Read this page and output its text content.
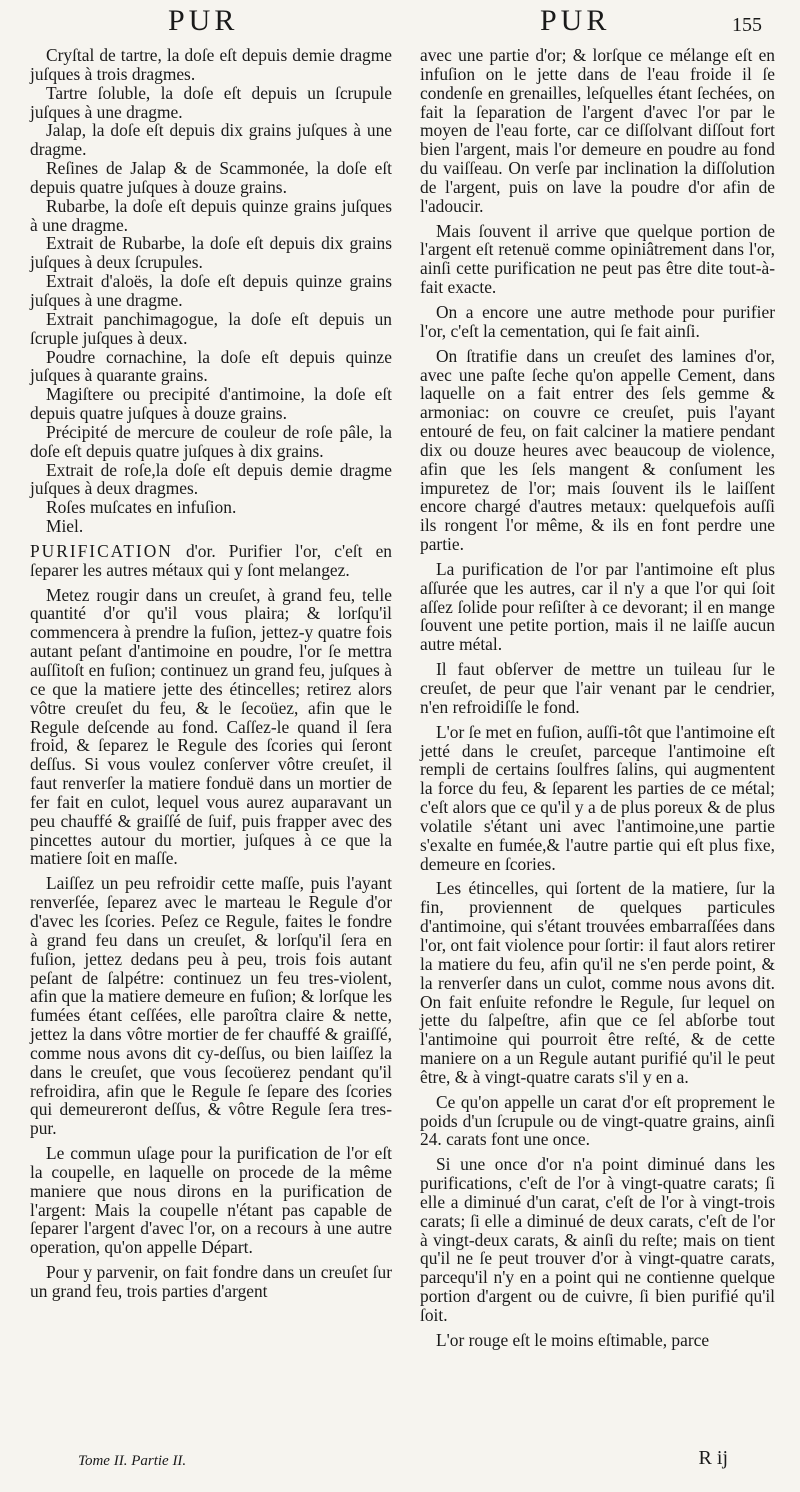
PUR	PUR	155

Cryſtal de tartre, la doſe eſt depuis demie dragme juſques à trois dragmes.

Tartre ſoluble, la doſe eſt depuis un ſcrupule juſques à une dragme.

Jalap, la doſe eſt depuis dix grains juſques à une dragme.

Reſines de Jalap & de Scammonée, la doſe eſt depuis quatre juſques à douze grains.

Rubarbe, la doſe eſt depuis quinze grains juſques à une dragme.

Extrait de Rubarbe, la doſe eſt depuis dix grains juſques à deux ſcrupules.

Extrait d'aloës, la doſe eſt depuis quinze grains juſques à une dragme.

Extrait panchimagogue, la doſe eſt depuis un ſcruple juſques à deux.

Poudre cornachine, la doſe eſt depuis quinze juſques à quarante grains.

Magiſtere ou precipité d'antimoine, la doſe eſt depuis quatre juſques à douze grains.

Précipité de mercure de couleur de roſe pâle, la doſe eſt depuis quatre juſques à dix grains.

Extrait de roſe,la doſe eſt depuis demie dragme juſques à deux dragmes.

Roſes muſcates en infuſion.

Miel.

PURIFICATION d'or. Purifier l'or, c'eſt en ſeparer les autres métaux qui y ſont melangez.

Metez rougir dans un creuſet, à grand feu, telle quantité d'or qu'il vous plaira; & lorſqu'il commencera à prendre la fuſion, jettez-y quatre fois autant peſant d'antimoine en poudre, l'or ſe mettra auſſitoſt en fuſion; continuez un grand feu, juſques à ce que la matiere jette des étincelles; retirez alors vôtre creuſet du feu, & le ſecoüez, afin que le Regule deſcende au fond. Caſſez-le quand il ſera froid, & ſeparez le Regule des ſcories qui ſeront deſſus. Si vous voulez conſerver vôtre creuſet, il faut renverſer la matiere fonduë dans un mortier de fer fait en culot, lequel vous aurez auparavant un peu chauffé & graiſſé de ſuif, puis frapper avec des pincettes autour du mortier, juſques à ce que la matiere ſoit en maſſe.

Laiſſez un peu refroidir cette maſſe, puis l'ayant renverſée, ſeparez avec le marteau le Regule d'or d'avec les ſcories. Peſez ce Regule, faites le fondre à grand feu dans un creuſet, & lorſqu'il ſera en fuſion, jettez dedans peu à peu, trois fois autant peſant de ſalpétre: continuez un feu tres-violent, afin que la matiere demeure en fuſion; & lorſque les fumées étant ceſſées, elle paroîtra claire & nette, jettez la dans vôtre mortier de fer chauffé & graiſſé, comme nous avons dit cy-deſſus, ou bien laiſſez la dans le creuſet, que vous ſecoüerez pendant qu'il refroidira, afin que le Regule ſe ſepare des ſcories qui demeureront deſſus, & vôtre Regule ſera tres-pur.

Le commun uſage pour la purification de l'or eſt la coupelle, en laquelle on procede de la même maniere que nous dirons en la purification de l'argent: Mais la coupelle n'étant pas capable de ſeparer l'argent d'avec l'or, on a recours à une autre operation, qu'on appelle Départ.

Pour y parvenir, on fait fondre dans un creuſet ſur un grand feu, trois parties d'argent

avec une partie d'or; & lorſque ce mélange eſt en infuſion on le jette dans de l'eau froide il ſe condenſe en grenailles, leſquelles étant ſechées, on fait la ſeparation de l'argent d'avec l'or par le moyen de l'eau forte, car ce diſſolvant diſſout fort bien l'argent, mais l'or demeure en poudre au fond du vaiſſeau. On verſe par inclination la diſſolution de l'argent, puis on lave la poudre d'or afin de l'adoucir.

Mais ſouvent il arrive que quelque portion de l'argent eſt retenuë comme opiniâtrement dans l'or, ainſi cette purification ne peut pas être dite tout-à-fait exacte.

On a encore une autre methode pour purifier l'or, c'eſt la cementation, qui ſe fait ainſi.

On ſtratifie dans un creuſet des lamines d'or, avec une paſte ſeche qu'on appelle Cement, dans laquelle on a fait entrer des ſels gemme & armoniac: on couvre ce creuſet, puis l'ayant entouré de feu, on fait calciner la matiere pendant dix ou douze heures avec beaucoup de violence, afin que les ſels mangent & conſument les impuretez de l'or; mais ſouvent ils le laiſſent encore chargé d'autres metaux: quelquefois auſſi ils rongent l'or même, & ils en font perdre une partie.

La purification de l'or par l'antimoine eſt plus aſſurée que les autres, car il n'y a que l'or qui ſoit aſſez ſolide pour reſiſter à ce devorant; il en mange ſouvent une petite portion, mais il ne laiſſe aucun autre métal.

Il faut obſerver de mettre un tuileau ſur le creuſet, de peur que l'air venant par le cendrier, n'en refroidiſſe le fond.

L'or ſe met en fuſion, auſſi-tôt que l'antimoine eſt jetté dans le creuſet, parceque l'antimoine eſt rempli de certains ſoulfres ſalins, qui augmentent la force du feu, & ſeparent les parties de ce métal; c'eſt alors que ce qu'il y a de plus poreux & de plus volatile s'étant uni avec l'antimoine,une partie s'exalte en fumée,& l'autre partie qui eſt plus fixe, demeure en ſcories.

Les étincelles, qui ſortent de la matiere, ſur la fin, proviennent de quelques particules d'antimoine, qui s'étant trouvées embarraſſées dans l'or, ont fait violence pour ſortir: il faut alors retirer la matiere du feu, afin qu'il ne s'en perde point, & la renverſer dans un culot, comme nous avons dit. On fait enſuite refondre le Regule, ſur lequel on jette du ſalpeſtre, afin que ce ſel abſorbe tout l'antimoine qui pourroit être reſté, & de cette maniere on a un Regule autant purifié qu'il le peut être, & à vingt-quatre carats s'il y en a.

Ce qu'on appelle un carat d'or eſt proprement le poids d'un ſcrupule ou de vingt-quatre grains, ainſi 24. carats font une once.

Si une once d'or n'a point diminué dans les purifications, c'eſt de l'or à vingt-quatre carats; ſi elle a diminué d'un carat, c'eſt de l'or à vingt-trois carats; ſi elle a diminué de deux carats, c'eſt de l'or à vingt-deux carats, & ainſi du reſte; mais on tient qu'il ne ſe peut trouver d'or à vingt-quatre carats, parcequ'il n'y en a point qui ne contienne quelque portion d'argent ou de cuivre, ſi bien purifié qu'il ſoit.

L'or rouge eſt le moins eſtimable, parce

Tome II. Partie II.	R ij
